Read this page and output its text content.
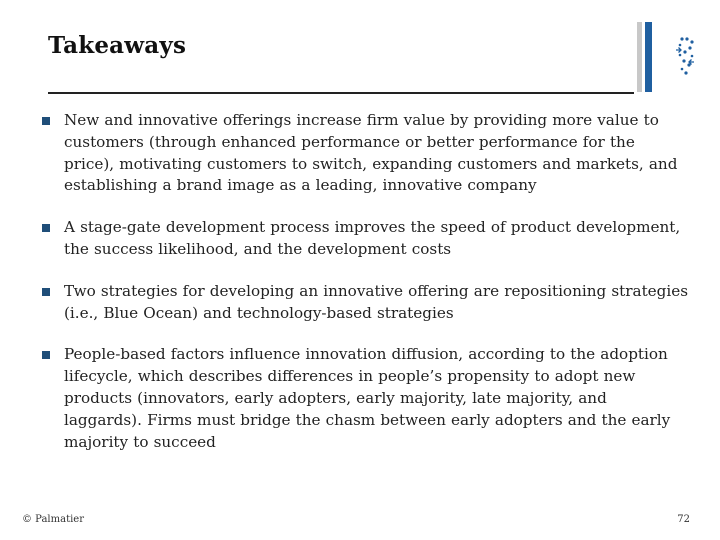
Takeaways
New and innovative offerings increase firm value by providing more value to customers (through enhanced performance or better performance for the price), motivating customers to switch, expanding customers and markets, and establishing a brand image as a leading, innovative company
A stage-gate development process improves the speed of product development, the success likelihood, and the development costs
Two strategies for developing an innovative offering are repositioning strategies (i.e., Blue Ocean) and technology-based strategies
People-based factors influence innovation diffusion, according to the adoption lifecycle, which describes differences in people’s propensity to adopt new products (innovators, early adopters, early majority, late majority, and laggards). Firms must bridge the chasm between early adopters and the early majority to succeed
© Palmatier	72
